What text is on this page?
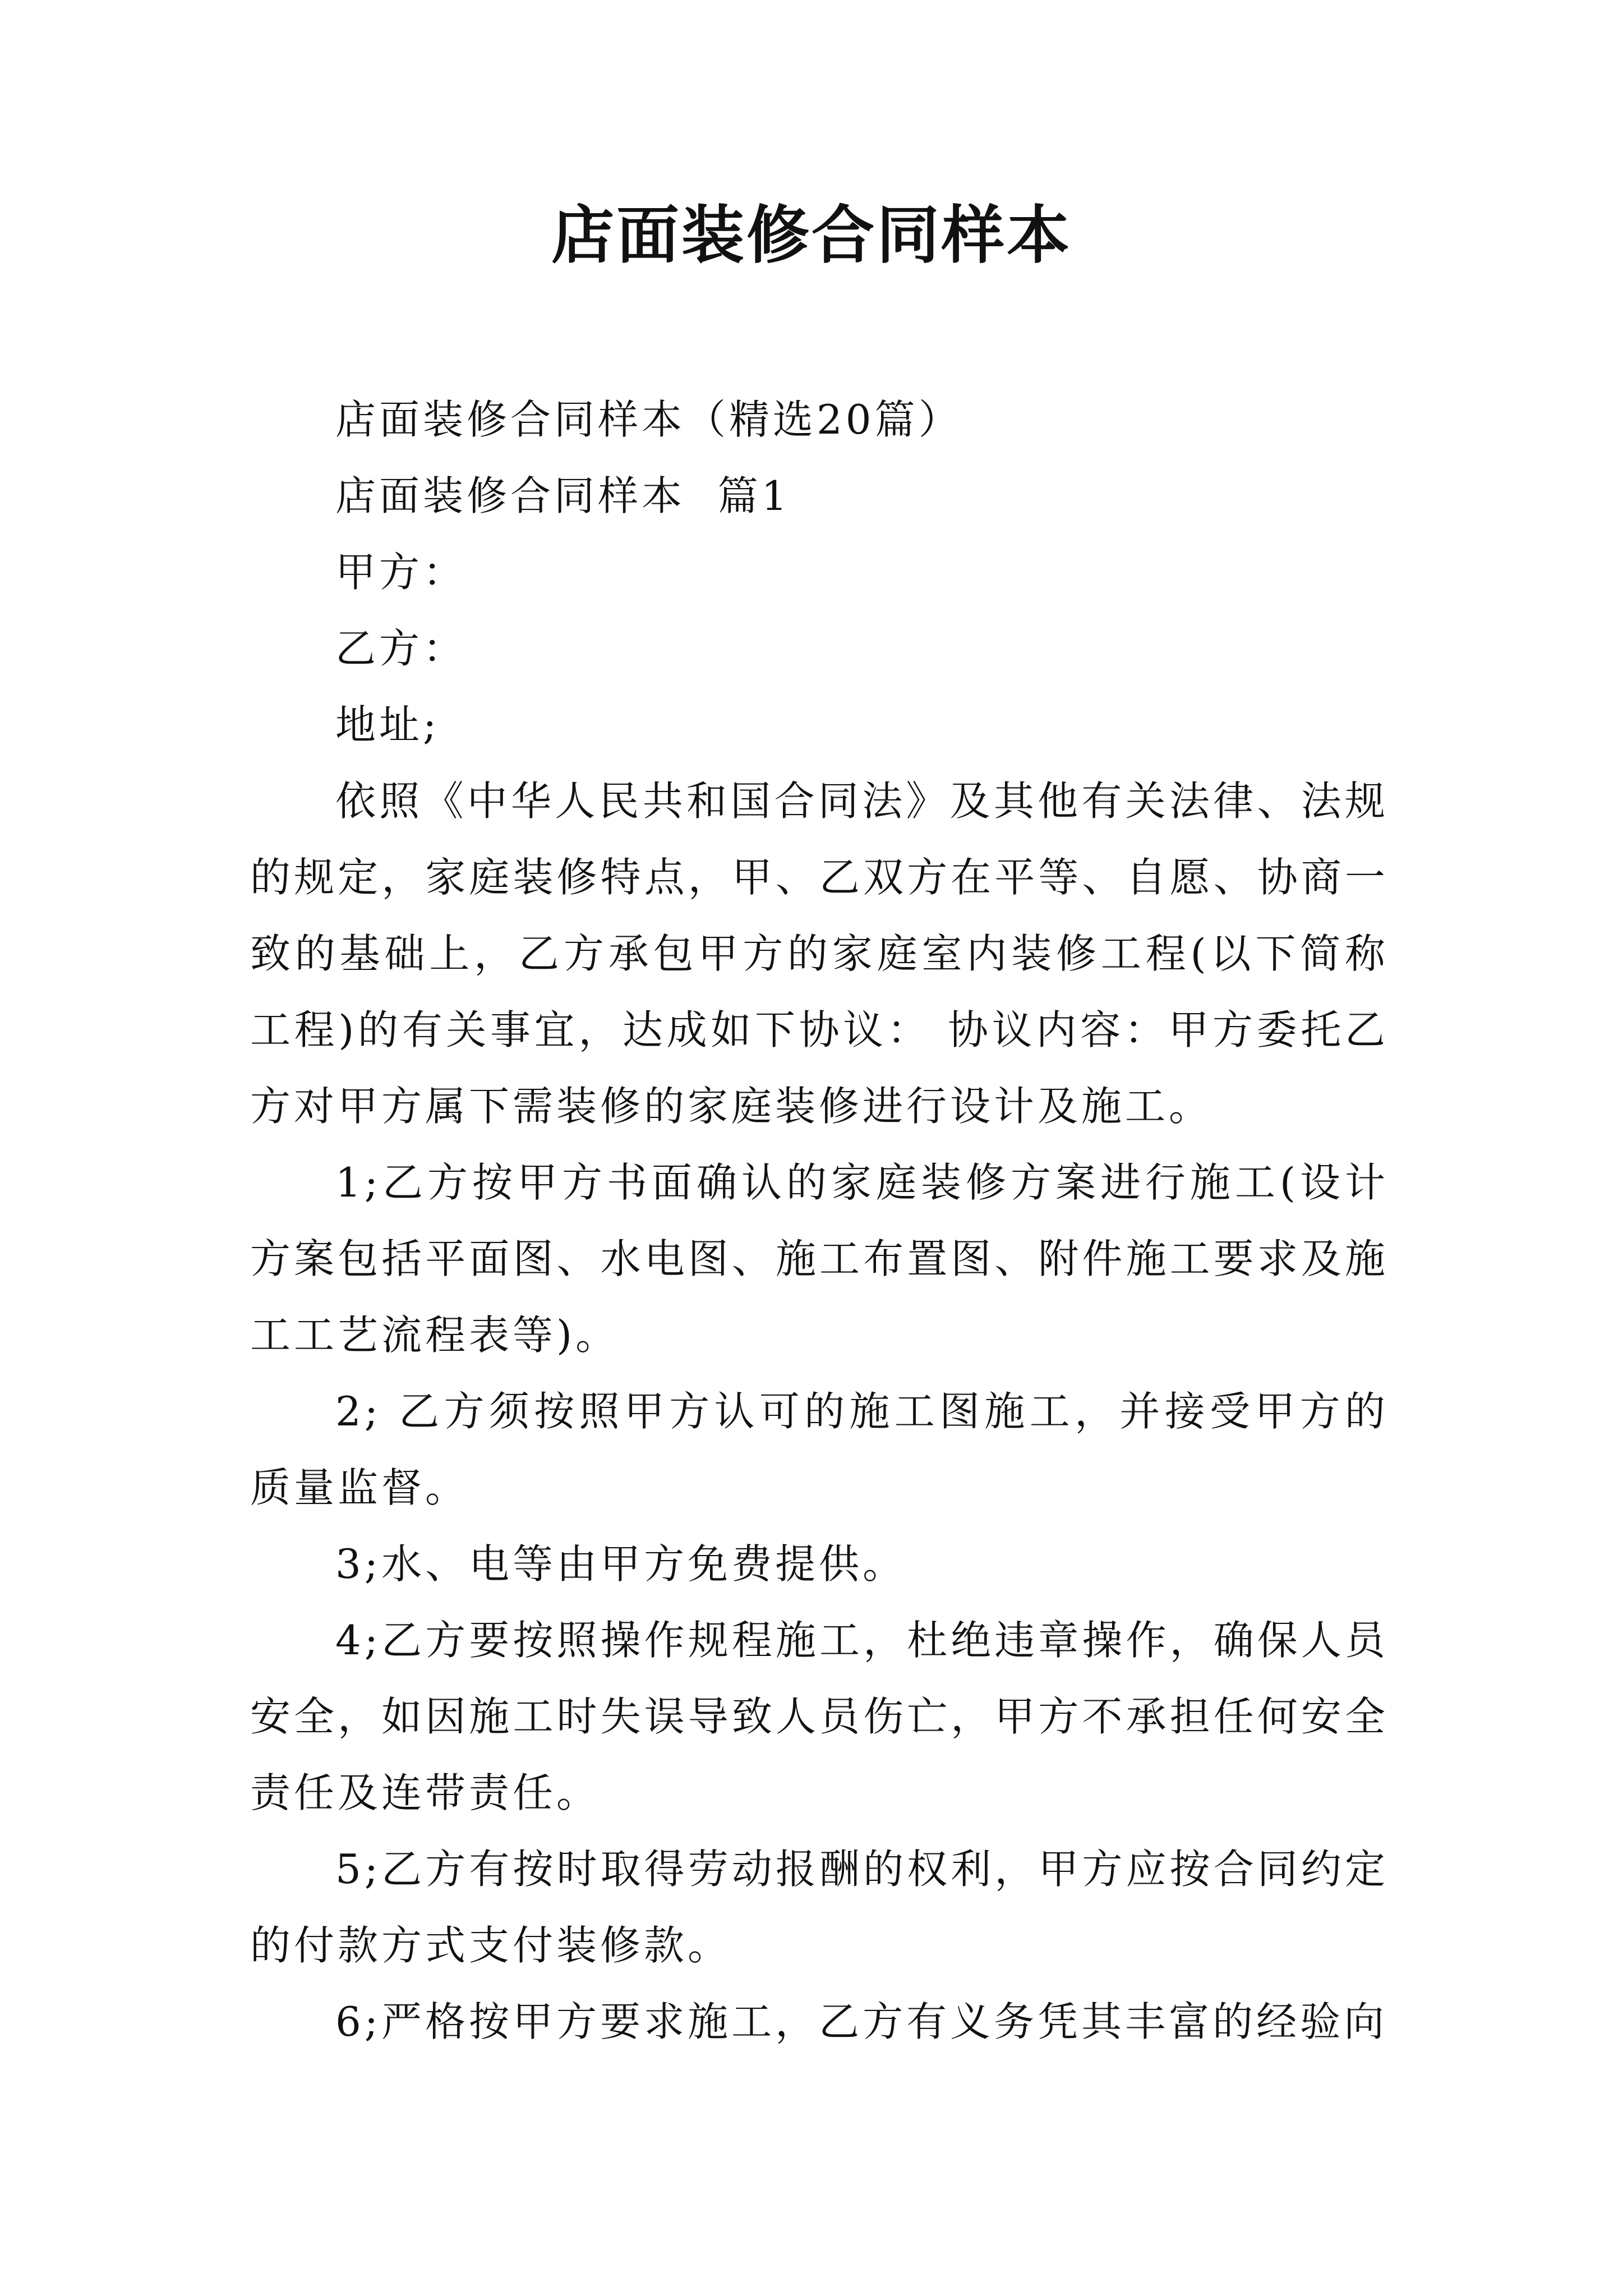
店面装修合同样本

店面装修合同样本（精选20篇）

店面装修合同样本  篇1

甲方：

乙方：

地址;

依照《中华人民共和国合同法》及其他有关法律、法规的规定，家庭装修特点，甲、乙双方在平等、自愿、协商一致的基础上，乙方承包甲方的家庭室内装修工程(以下简称工程)的有关事宜，达成如下协议： 协议内容：甲方委托乙方对甲方属下需装修的家庭装修进行设计及施工。

1;乙方按甲方书面确认的家庭装修方案进行施工(设计方案包括平面图、水电图、施工布置图、附件施工要求及施工工艺流程表等)。

2; 乙方须按照甲方认可的施工图施工，并接受甲方的质量监督。

3;水、电等由甲方免费提供。

4;乙方要按照操作规程施工，杜绝违章操作，确保人员安全，如因施工时失误导致人员伤亡，甲方不承担任何安全责任及连带责任。

5;乙方有按时取得劳动报酬的权利，甲方应按合同约定的付款方式支付装修款。

6;严格按甲方要求施工，乙方有义务凭其丰富的经验向
